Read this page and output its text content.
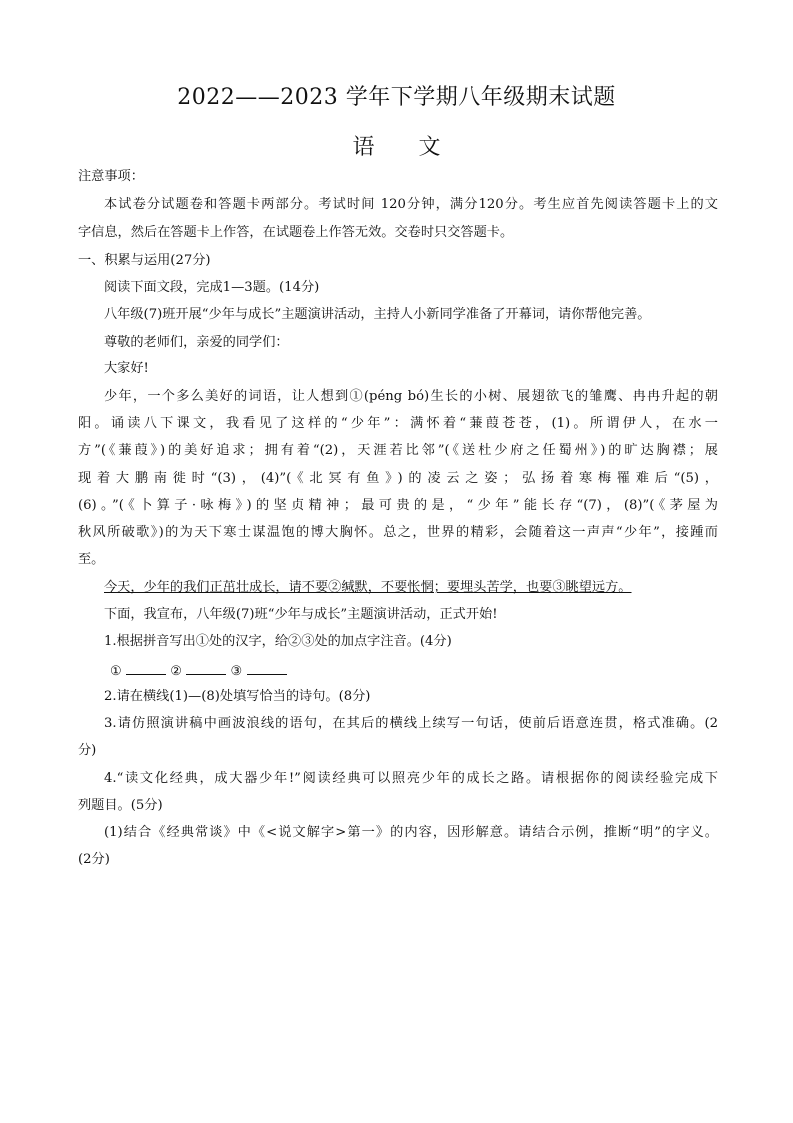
2022——2023 学年下学期八年级期末试题
语 文
注意事项：
本试卷分试题卷和答题卡两部分。考试时间 120分钟，满分120分。考生应首先阅读答题卡上的文
字信息，然后在答题卡上作答，在试题卷上作答无效。交卷时只交答题卡。
一、积累与运用(27分)
阅读下面文段，完成1—3题。(14分)
八年级(7)班开展“少年与成长”主题演讲活动，主持人小新同学准备了开幕词，请你帮他完善。
尊敬的老师们，亲爱的同学们：
大家好!
少年，一个多么美好的词语，让人想到①(péng bó)生长的小树、展翅欲飞的雏鹰、冉冉升起的朝
阳。诵读八下课文，我看见了这样的“少年”：满怀着“蒹葭苍苍，(1)。所谓伊人，在水一
方”(《蒹葭》)的美好追求；拥有着“(2)，天涯若比邻”(《送杜少府之任蜀州》)的旷达胸襟；展
现着大鹏南徙时“(3)，(4)”(《北冥有鱼》)的凌云之姿；弘扬着寒梅罹难后“(5)，
(6)。”(《卜算子·咏梅》)的坚贞精神；最可贵的是，“少年”能长存“(7)，(8)”(《茅屋为
秋风所破歌》)的为天下寒士谋温饱的博大胸怀。总之，世界的精彩，会随着这一声声“少年”，接踵而
至。
今天，少年的我们正茁壮成长，请不要②缄默，不要怅惘；要埋头苦学，也要③眺望远方。
下面，我宣布，八年级(7)班“少年与成长”主题演讲活动，正式开始!
1.根据拼音写出①处的汉字，给②③处的加点字注音。(4分)
①	②	③
2.请在横线(1)—(8)处填写恰当的诗句。(8分)
3.请仿照演讲稿中画波浪线的语句，在其后的横线上续写一句话，使前后语意连贯，格式准确。(2
分)
4.“读文化经典，成大器少年!”阅读经典可以照亮少年的成长之路。请根据你的阅读经验完成下
列题目。(5分)
(1)结合《经典常谈》中《<说文解字>第一》的内容，因形解意。请结合示例，推断“明”的字义。
(2分)
